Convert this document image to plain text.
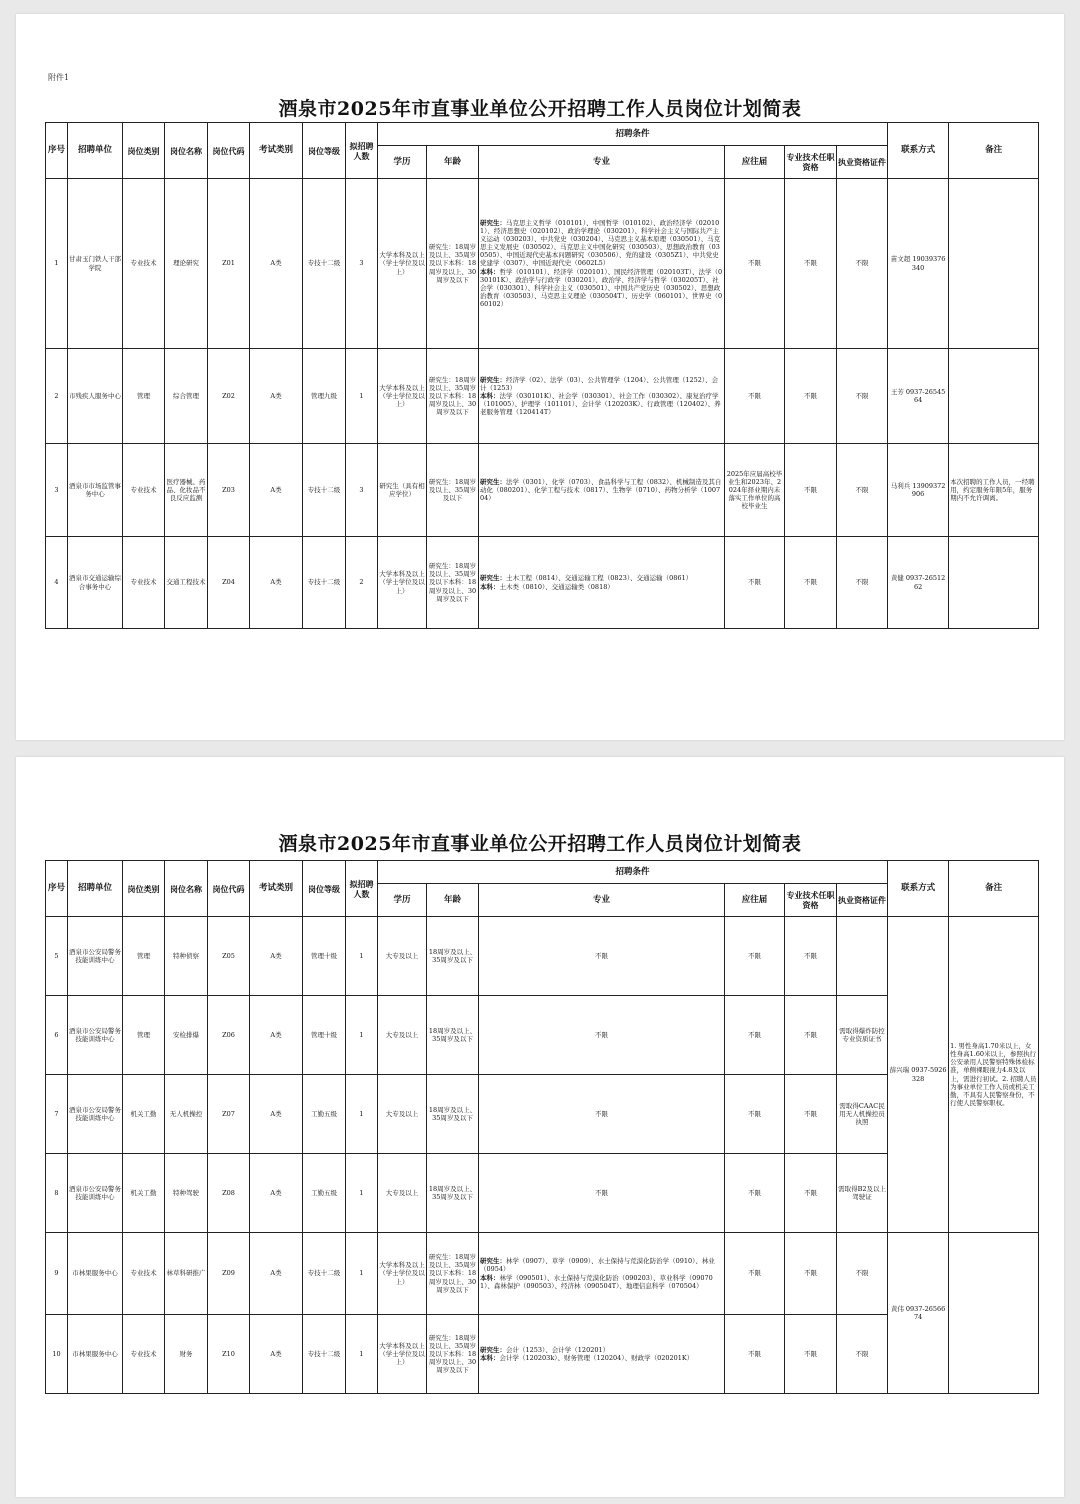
附件1
酒泉市2025年市直事业单位公开招聘工作人员岗位计划简表
序号	招聘单位	岗位类别	岗位名称	岗位代码	考试类别	岗位等级	拟招聘人数	招聘条件						联系方式	备注
								学历	年龄	专业	应往届	专业技术任职资格	执业资格证件		
1	甘肃玉门铁人干部学院	专业技术	理论研究	Z01	A类	专技十二级	3	大学本科及以上（学士学位及以上）	研究生：18周岁及以上、35周岁及以下本科：18周岁及以上、30周岁及以下	研究生：马克思主义哲学（010101）、中国哲学（010102）、政治经济学（020101）、经济思想史（020102）、政治学理论（030201）、科学社会主义与国际共产主义运动（030203）、中共党史（030204）、马克思主义基本原理（030501）、马克思主义发展史（030502）、马克思主义中国化研究（030503）、思想政治教育（030505）、中国近现代史基本问题研究（030506）、党的建设（0305Z1）、中共党史党建学（0307）、中国近现代史（0602L5）
本科：哲学（010101）、经济学（020101）、国民经济管理（020103T）、法学（030101K）、政治学与行政学（030201）、政治学、经济学与哲学（030205T）、社会学（030301）、科学社会主义（030501）、中国共产党历史（030502）、思想政治教育（030503）、马克思主义理论（030504T）、历史学（060101）、世界史（060102）	不限	不限	不限	苗文超 19039376340	
2	市残疾人服务中心	管理	综合管理	Z02	A类	管理九级	1	大学本科及以上（学士学位及以上）	研究生：18周岁及以上、35周岁及以下本科：18周岁及以上、30周岁及以下	研究生：经济学（02）、法学（03）、公共管理学（1204）、公共管理（1252）、会计（1253）
本科：法学（030101K）、社会学（030301）、社会工作（030302）、康复治疗学（101005）、护理学（101101）、会计学（120203K）、行政管理（120402）、养老服务管理（120414T）	不限	不限	不限	王芳 0937-2654564	
3	酒泉市市场监管事务中心	专业技术	医疗器械、药品、化妆品不良反应监测	Z03	A类	专技十二级	3	研究生（具有相应学位）	研究生：18周岁及以上、35周岁及以下	研究生：法学（0301）、化学（0703）、食品科学与工程（0832）、机械制造及其自动化（080201）、化学工程与技术（0817）、生物学（0710）、药物分析学（100704）	2025年应届高校毕业生和2023年、2024年择业期内未落实工作单位的高校毕业生	不限	不限	马利兵 13909372906	本次招聘的工作人员，一经聘用，约定服务年限5年，服务期内不允许调离。
4	酒泉市交通运输综合事务中心	专业技术	交通工程技术	Z04	A类	专技十二级	2	大学本科及以上（学士学位及以上）	研究生：18周岁及以上、35周岁及以下本科：18周岁及以上、30周岁及以下	研究生：土木工程（0814）、交通运输工程（0823）、交通运输（0861）
本科：土木类（0810）、交通运输类（0818）	不限	不限	不限	黄健 0937-2651262	
酒泉市2025年市直事业单位公开招聘工作人员岗位计划简表
序号	招聘单位	岗位类别	岗位名称	岗位代码	考试类别	岗位等级	拟招聘人数	招聘条件						联系方式	备注
								学历	年龄	专业	应往届	专业技术任职资格	执业资格证件		
5	酒泉市公安局警务技能训练中心	管理	特种侦察	Z05	A类	管理十级	1	大专及以上	18周岁及以上、35周岁及以下	不限	不限	不限		薛兴瑞 0937-5926328	1. 男性身高1.70米以上，女性身高1.60米以上，参照执行公安录用人民警察特殊体检标准，单侧裸眼视力4.8及以上，需进行初试。2. 招聘人员为事业单位工作人员或机关工勤，不具有人民警察身份，不行使人民警察职权。
6	酒泉市公安局警务技能训练中心	管理	安检排爆	Z06	A类	管理十级	1	大专及以上	18周岁及以上、35周岁及以下	不限	不限	不限	需取得爆炸防控专业资质证书		
7	酒泉市公安局警务技能训练中心	机关工勤	无人机操控	Z07	A类	工勤五级	1	大专及以上	18周岁及以上、35周岁及以下	不限	不限	不限	需取得CAAC民用无人机操控员执照		
8	酒泉市公安局警务技能训练中心	机关工勤	特种驾驶	Z08	A类	工勤五级	1	大专及以上	18周岁及以上、35周岁及以下	不限	不限	不限	需取得B2及以上驾驶证		
9	市林果服务中心	专业技术	林草科研推广	Z09	A类	专技十二级	1	大学本科及以上（学士学位及以上）	研究生：18周岁及以上、35周岁及以下本科：18周岁及以上、30周岁及以下	研究生：林学（0907）、草学（0909）、水土保持与荒漠化防治学（0910）、林业（0954）
本科：林学（090501）、水土保持与荒漠化防治（090203）、草业科学（090701）、森林保护（090503）、经济林（090504T）、地理信息科学（070504）	不限	不限	不限	黄伟 0937-2656674	
10	市林果服务中心	专业技术	财务	Z10	A类	专技十二级	1	大学本科及以上（学士学位及以上）	研究生：18周岁及以上、35周岁及以下本科：18周岁及以上、30周岁及以下	研究生：会计（1253）、会计学（120201）
本科：会计学（120203k）、财务管理（120204）、财政学（020201K）	不限	不限	不限		
